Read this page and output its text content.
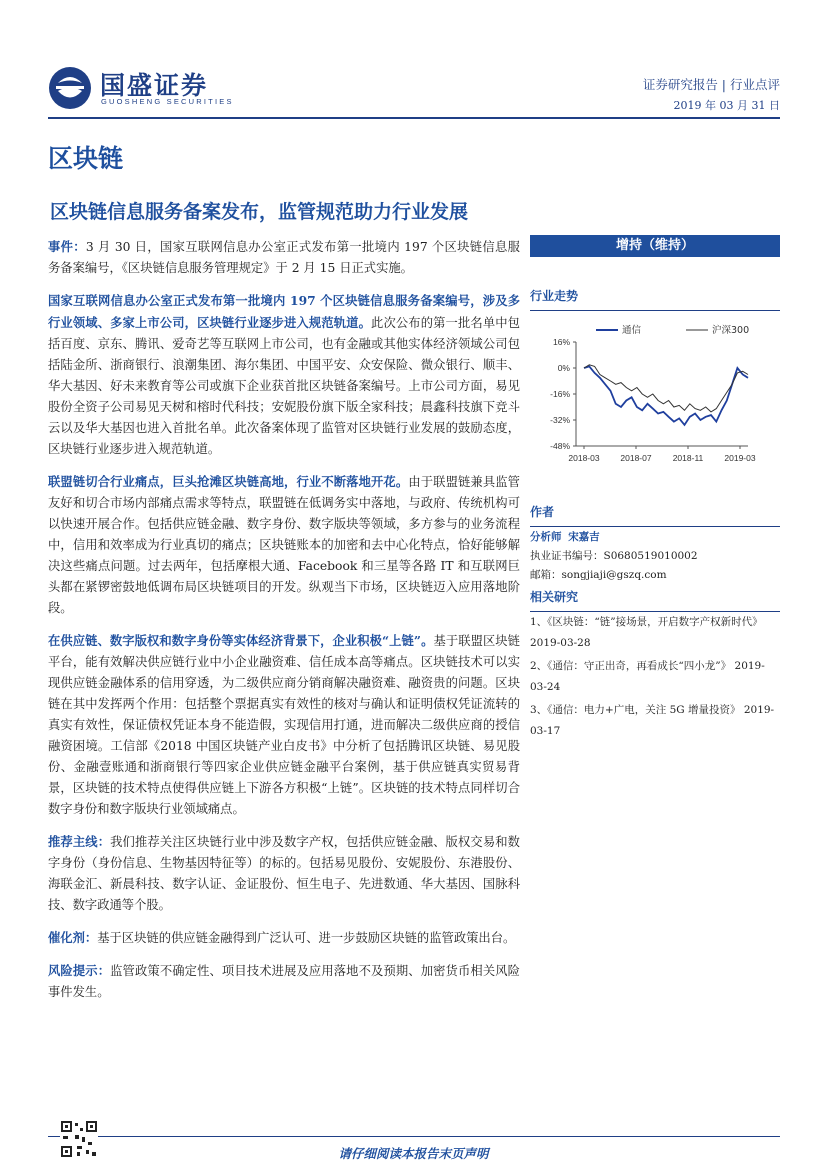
国盛证券
GUOSHENG SECURITIES
证券研究报告 | 行业点评
2019 年 03 月 31 日
区块链
区块链信息服务备案发布，监管规范助力行业发展

事件：3 月 30 日，国家互联网信息办公室正式发布第一批境内 197 个区块链信息服务备案编号，《区块链信息服务管理规定》于 2 月 15 日正式实施。

国家互联网信息办公室正式发布第一批境内 197 个区块链信息服务备案编号，涉及多行业领域、多家上市公司，区块链行业逐步进入规范轨道。此次公布的第一批名单中包括百度、京东、腾讯、爱奇艺等互联网上市公司，也有金融或其他实体经济领域公司包括陆金所、浙商银行、浪潮集团、海尔集团、中国平安、众安保险、微众银行、顺丰、华大基因、好未来教育等公司或旗下企业获首批区块链备案编号。上市公司方面，易见股份全资子公司易见天树和榕时代科技；安妮股份旗下版全家科技；晨鑫科技旗下竞斗云以及华大基因也进入首批名单。此次备案体现了监管对区块链行业发展的鼓励态度，区块链行业逐步进入规范轨道。

联盟链切合行业痛点，巨头抢滩区块链高地，行业不断落地开花。由于联盟链兼具监管友好和切合市场内部痛点需求等特点，联盟链在低调务实中落地，与政府、传统机构可以快速开展合作。包括供应链金融、数字身份、数字版块等领域，多方参与的业务流程中，信用和效率成为行业真切的痛点；区块链账本的加密和去中心化特点，恰好能够解决这些痛点问题。过去两年，包括摩根大通、Facebook 和三星等各路 IT 和互联网巨头都在紧锣密鼓地低调布局区块链项目的开发。纵观当下市场，区块链迈入应用落地阶段。

在供应链、数字版权和数字身份等实体经济背景下，企业积极“上链”。基于联盟区块链平台，能有效解决供应链行业中小企业融资难、信任成本高等痛点。区块链技术可以实现供应链金融体系的信用穿透，为二级供应商分销商解决融资难、融资贵的问题。区块链在其中发挥两个作用：包括整个票据真实有效性的核对与确认和证明债权凭证流转的真实有效性，保证债权凭证本身不能造假，实现信用打通，进而解决二级供应商的授信融资困境。工信部《2018 中国区块链产业白皮书》中分析了包括腾讯区块链、易见股份、金融壹账通和浙商银行等四家企业供应链金融平台案例，基于供应链真实贸易背景，区块链的技术特点使得供应链上下游各方积极“上链”。区块链的技术特点同样切合数字身份和数字版块行业领域痛点。

推荐主线：我们推荐关注区块链行业中涉及数字产权，包括供应链金融、版权交易和数字身份（身份信息、生物基因特征等）的标的。包括易见股份、安妮股份、东港股份、海联金汇、新晨科技、数字认证、金证股份、恒生电子、先进数通、华大基因、国脉科技、数字政通等个股。

催化剂：基于区块链的供应链金融得到广泛认可、进一步鼓励区块链的监管政策出台。

风险提示：监管政策不确定性、项目技术进展及应用落地不及预期、加密货币相关风险事件发生。

增持（维持）
行业走势
16%
0%
-16%
-32%
-48%
2018-03 2018-07 2018-11 2019-03
通信	沪深300
作者
分析师 宋嘉吉
执业证书编号：S0680519010002
邮箱：songjiaji@gszq.com
相关研究
1、《区块链：“链”接场景，开启数字产权新时代》
2019-03-28
2、《通信：守正出奇，再看成长“四小龙”》 2019-03-24
3、《通信：电力+广电，关注 5G 增量投资》 2019-03-17
请仔细阅读本报告末页声明
